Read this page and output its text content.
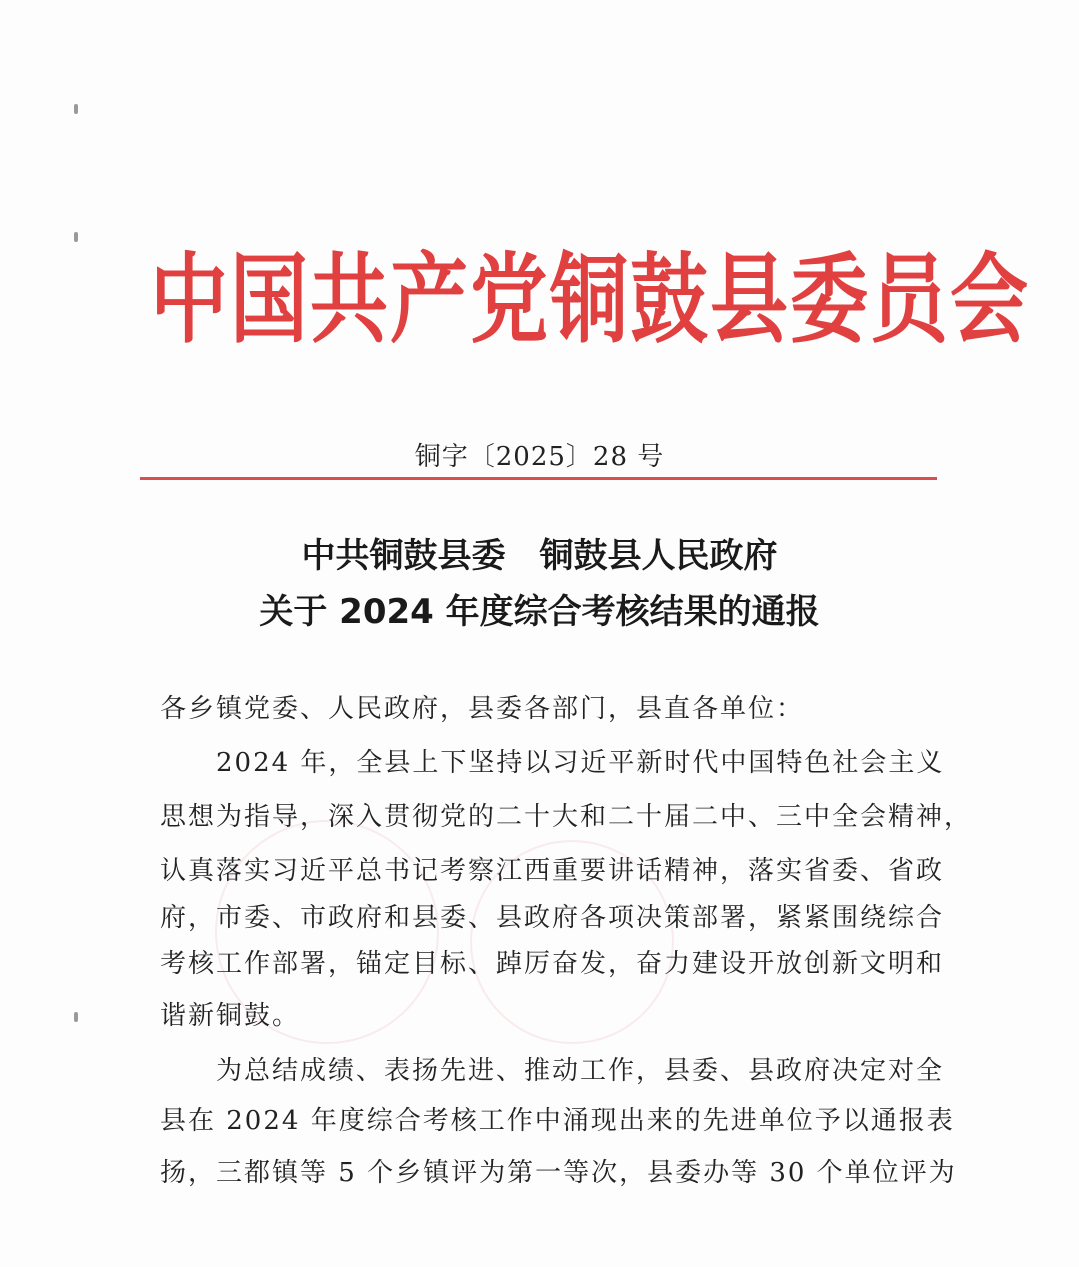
中国共产党铜鼓县委员会
铜字〔2025〕28 号
中共铜鼓县委　铜鼓县人民政府
关于 2024 年度综合考核结果的通报
各乡镇党委、人民政府，县委各部门，县直各单位：
　　2024 年，全县上下坚持以习近平新时代中国特色社会主义
思想为指导，深入贯彻党的二十大和二十届二中、三中全会精神，
认真落实习近平总书记考察江西重要讲话精神，落实省委、省政
府，市委、市政府和县委、县政府各项决策部署，紧紧围绕综合
考核工作部署，锚定目标、踔厉奋发，奋力建设开放创新文明和
谐新铜鼓。
　　为总结成绩、表扬先进、推动工作，县委、县政府决定对全
县在 2024 年度综合考核工作中涌现出来的先进单位予以通报表
扬，三都镇等 5 个乡镇评为第一等次，县委办等 30 个单位评为
